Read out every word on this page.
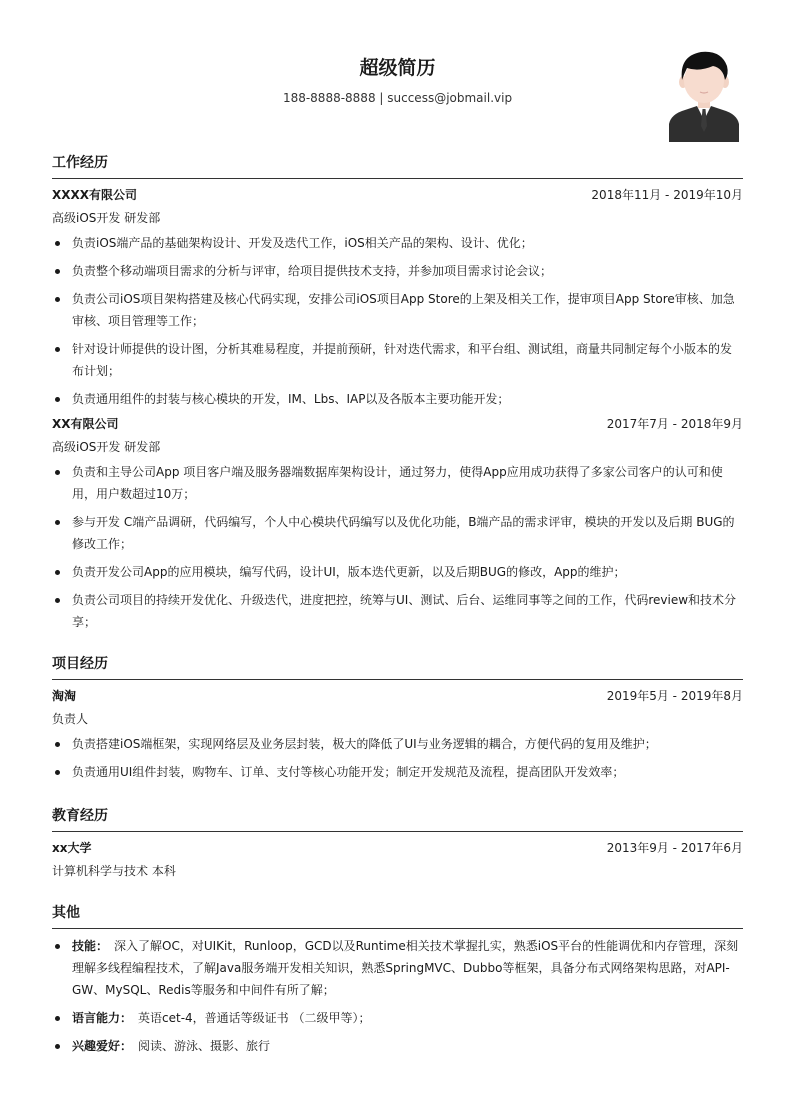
超级简历
188-8888-8888 | success@jobmail.vip
工作经历
XXXX有限公司	2018年11月 - 2019年10月
高级iOS开发 研发部
负责iOS端产品的基础架构设计、开发及迭代工作，iOS相关产品的架构、设计、优化；
负责整个移动端项目需求的分析与评审，给项目提供技术支持，并参加项目需求讨论会议；
负责公司iOS项目架构搭建及核心代码实现，安排公司iOS项目App Store的上架及相关工作，提审项目App Store审核、加急审核、项目管理等工作；
针对设计师提供的设计图，分析其难易程度，并提前预研，针对迭代需求，和平台组、测试组，商量共同制定每个小版本的发布计划；
负责通用组件的封装与核心模块的开发，IM、Lbs、IAP以及各版本主要功能开发；
XX有限公司	2017年7月 - 2018年9月
高级iOS开发 研发部
负责和主导公司App 项目客户端及服务器端数据库架构设计，通过努力，使得App应用成功获得了多家公司客户的认可和使用，用户数超过10万；
参与开发 C端产品调研，代码编写，个人中心模块代码编写以及优化功能，B端产品的需求评审，模块的开发以及后期 BUG的修改工作；
负责开发公司App的应用模块，编写代码，设计UI，版本迭代更新，以及后期BUG的修改，App的维护；
负责公司项目的持续开发优化、升级迭代，进度把控，统筹与UI、测试、后台、运维同事等之间的工作，代码review和技术分享；
项目经历
淘淘	2019年5月 - 2019年8月
负责人
负责搭建iOS端框架，实现网络层及业务层封装，极大的降低了UI与业务逻辑的耦合，方便代码的复用及维护；
负责通用UI组件封装，购物车、订单、支付等核心功能开发；制定开发规范及流程，提高团队开发效率；
教育经历
xx大学	2013年9月 - 2017年6月
计算机科学与技术 本科
其他
技能： 深入了解OC，对UIKit，Runloop，GCD以及Runtime相关技术掌握扎实，熟悉iOS平台的性能调优和内存管理，深刻理解多线程编程技术，了解Java服务端开发相关知识，熟悉SpringMVC、Dubbo等框架，具备分布式网络架构思路，对API-GW、MySQL、Redis等服务和中间件有所了解；
语言能力： 英语cet-4，普通话等级证书 （二级甲等）；
兴趣爱好： 阅读、游泳、摄影、旅行
